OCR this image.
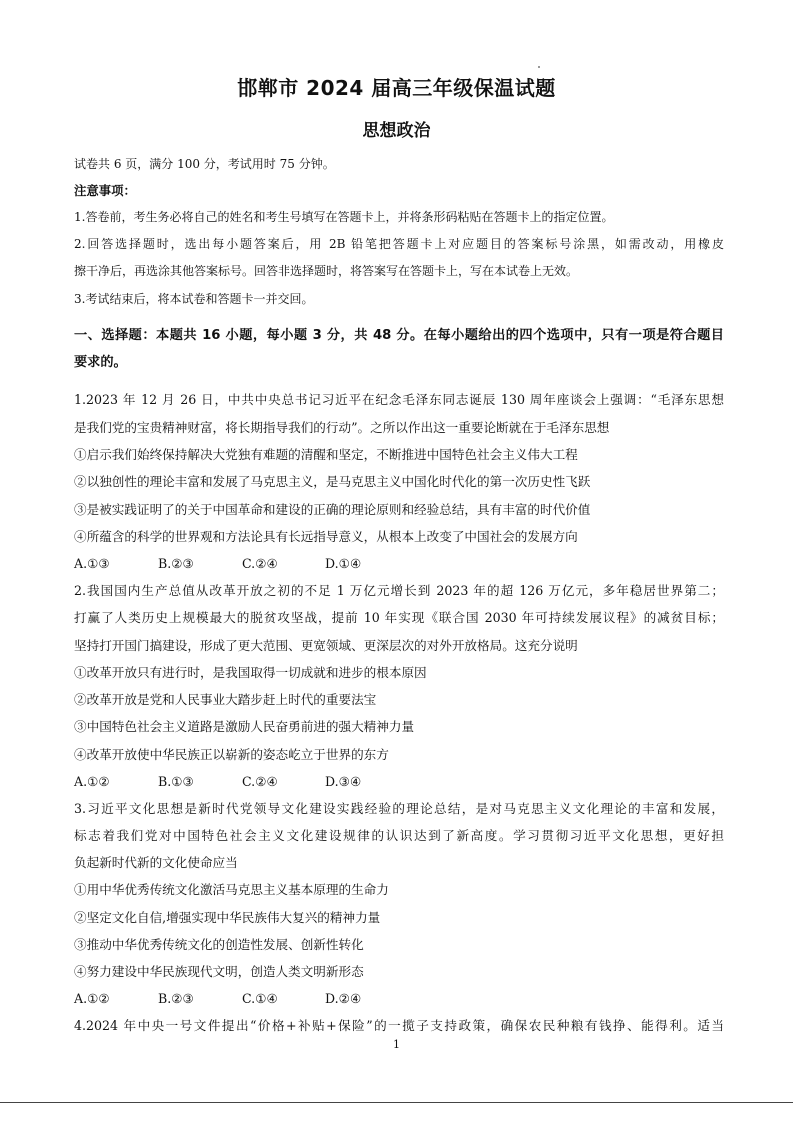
邯郸市 2024 届高三年级保温试题
思想政治
试卷共 6 页，满分 100 分，考试用时 75 分钟。
注意事项：
1.答卷前，考生务必将自己的姓名和考生号填写在答题卡上，并将条形码粘贴在答题卡上的指定位置。
2.回答选择题时，选出每小题答案后，用 2B 铅笔把答题卡上对应题目的答案标号涂黑，如需改动，用橡皮
擦干净后，再选涂其他答案标号。回答非选择题时，将答案写在答题卡上，写在本试卷上无效。
3.考试结束后，将本试卷和答题卡一并交回。
一、选择题：本题共 16 小题，每小题 3 分，共 48 分。在每小题给出的四个选项中，只有一项是符合题目
要求的。
1.2023 年 12 月 26 日，中共中央总书记习近平在纪念毛泽东同志诞辰 130 周年座谈会上强调：“毛泽东思想
是我们党的宝贵精神财富，将长期指导我们的行动”。之所以作出这一重要论断就在于毛泽东思想
①启示我们始终保持解决大党独有难题的清醒和坚定，不断推进中国特色社会主义伟大工程
②以独创性的理论丰富和发展了马克思主义，是马克思主义中国化时代化的第一次历史性飞跃
③是被实践证明了的关于中国革命和建设的正确的理论原则和经验总结，具有丰富的时代价值
④所蕴含的科学的世界观和方法论具有长远指导意义，从根本上改变了中国社会的发展方向
A.①③	B.②③	C.②④	D.①④
2.我国国内生产总值从改革开放之初的不足 1 万亿元增长到 2023 年的超 126 万亿元，多年稳居世界第二；
打赢了人类历史上规模最大的脱贫攻坚战，提前 10 年实现《联合国 2030 年可持续发展议程》的减贫目标；
坚持打开国门搞建设，形成了更大范围、更宽领域、更深层次的对外开放格局。这充分说明
①改革开放只有进行时，是我国取得一切成就和进步的根本原因
②改革开放是党和人民事业大踏步赶上时代的重要法宝
③中国特色社会主义道路是激励人民奋勇前进的强大精神力量
④改革开放使中华民族正以崭新的姿态屹立于世界的东方
A.①②	B.①③	C.②④	D.③④
3.习近平文化思想是新时代党领导文化建设实践经验的理论总结，是对马克思主义文化理论的丰富和发展，
标志着我们党对中国特色社会主义文化建设规律的认识达到了新高度。学习贯彻习近平文化思想，更好担
负起新时代新的文化使命应当
①用中华优秀传统文化激活马克思主义基本原理的生命力
②坚定文化自信,增强实现中华民族伟大复兴的精神力量
③推动中华优秀传统文化的创造性发展、创新性转化
④努力建设中华民族现代文明，创造人类文明新形态
A.①②	B.②③	C.①④	D.②④
4.2024 年中央一号文件提出“价格+补贴+保险”的一揽子支持政策，确保农民种粮有钱挣、能得利。适当
1
